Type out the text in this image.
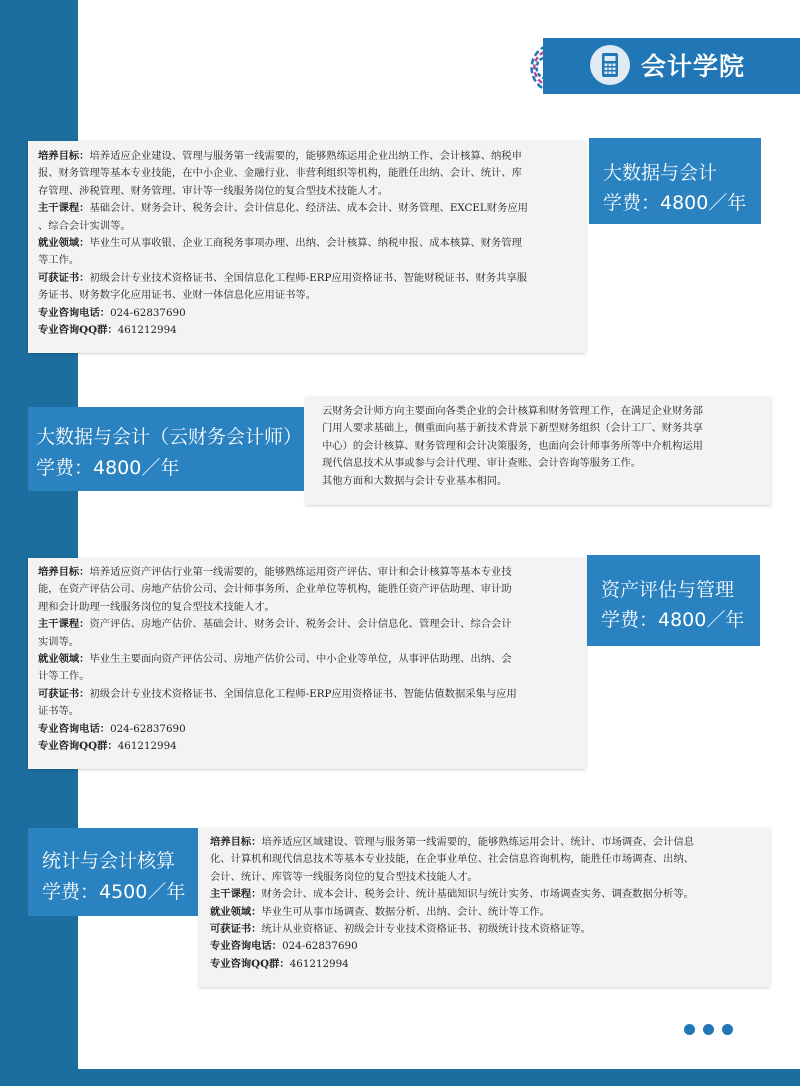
会计学院

培养目标：培养适应企业建设、管理与服务第一线需要的，能够熟练运用企业出纳工作、会计核算、纳税申

报、财务管理等基本专业技能，在中小企业、金融行业、非营利组织等机构，能胜任出纳、会计、统计、库

存管理、涉税管理、财务管理、审计等一线服务岗位的复合型技术技能人才。

主干课程：基础会计、财务会计、税务会计、会计信息化、经济法、成本会计、财务管理、EXCEL财务应用

、综合会计实训等。

就业领域：毕业生可从事收银、企业工商税务事项办理、出纳、会计核算、纳税申报、成本核算、财务管理

等工作。

可获证书：初级会计专业技术资格证书、全国信息化工程师-ERP应用资格证书、智能财税证书、财务共享服

务证书、财务数字化应用证书、业财一体信息化应用证书等。

专业咨询电话：024-62837690

专业咨询QQ群：461212994

大数据与会计
学费：4800／年

云财务会计师方向主要面向各类企业的会计核算和财务管理工作，在满足企业财务部

门用人要求基础上，侧重面向基于新技术背景下新型财务组织（会计工厂、财务共享

中心）的会计核算、财务管理和会计决策服务，也面向会计师事务所等中介机构运用

现代信息技术从事或参与会计代理、审计查账、会计咨询等服务工作。

其他方面和大数据与会计专业基本相同。

大数据与会计（云财务会计师）
学费：4800／年

培养目标：培养适应资产评估行业第一线需要的，能够熟练运用资产评估、审计和会计核算等基本专业技

能，在资产评估公司、房地产估价公司、会计师事务所、企业单位等机构，能胜任资产评估助理、审计助

理和会计助理一线服务岗位的复合型技术技能人才。

主干课程：资产评估、房地产估价、基础会计、财务会计、税务会计、会计信息化、管理会计、综合会计

实训等。

就业领域：毕业生主要面向资产评估公司、房地产估价公司、中小企业等单位，从事评估助理、出纳、会

计等工作。

可获证书：初级会计专业技术资格证书、全国信息化工程师-ERP应用资格证书、智能估值数据采集与应用

证书等。

专业咨询电话：024-62837690

专业咨询QQ群：461212994

资产评估与管理
学费：4800／年

培养目标：培养适应区域建设、管理与服务第一线需要的，能够熟练运用会计、统计、市场调查、会计信息

化、计算机和现代信息技术等基本专业技能，在企事业单位、社会信息咨询机构，能胜任市场调查、出纳、

会计、统计、库管等一线服务岗位的复合型技术技能人才。

主干课程：财务会计、成本会计、税务会计、统计基础知识与统计实务、市场调查实务、调查数据分析等。

就业领域：毕业生可从事市场调查、数据分析、出纳、会计、统计等工作。

可获证书：统计从业资格证、初级会计专业技术资格证书、初级统计技术资格证等。

专业咨询电话：024-62837690

专业咨询QQ群：461212994

统计与会计核算
学费：4500／年
